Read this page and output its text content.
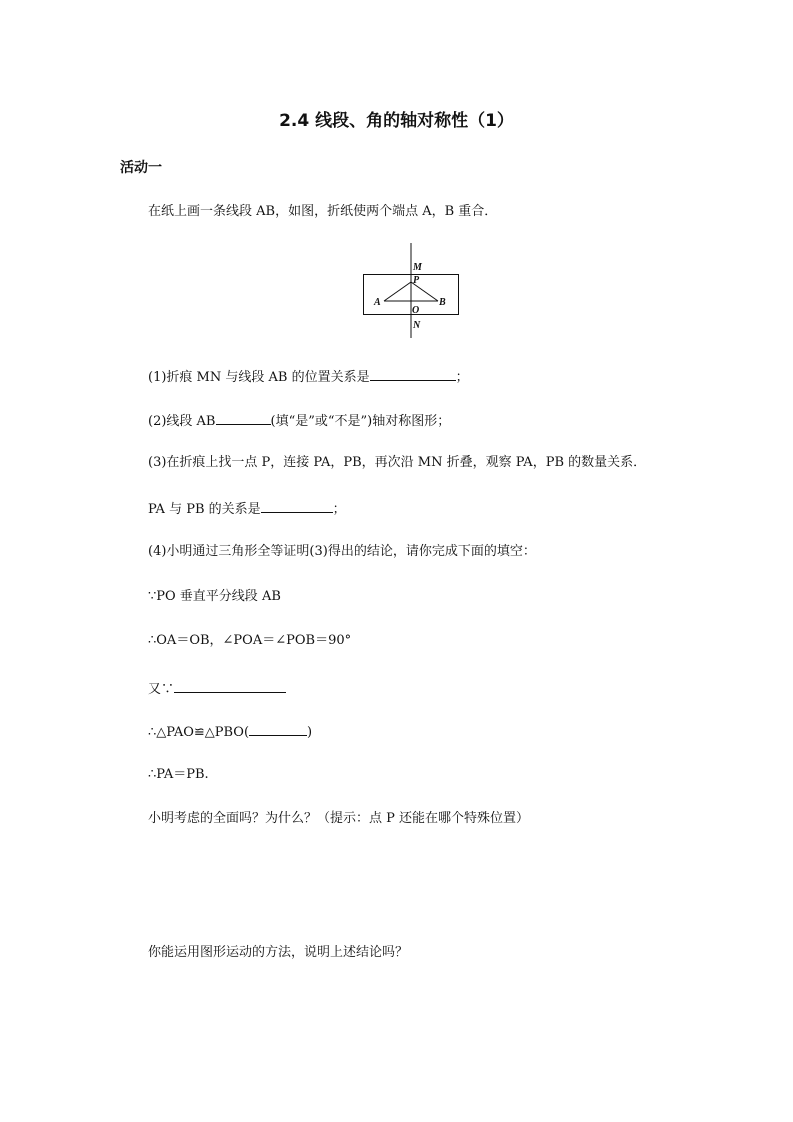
2.4 线段、角的轴对称性（1）
活动一
在纸上画一条线段 AB，如图，折纸使两个端点 A，B 重合．
M
P
A	B
O
N
(1)折痕 MN 与线段 AB 的位置关系是	；
(2)线段 AB	(填“是”或“不是”)轴对称图形；
(3)在折痕上找一点 P，连接 PA，PB，再次沿 MN 折叠，观察 PA，PB 的数量关系．
PA 与 PB 的关系是	；
(4)小明通过三角形全等证明(3)得出的结论，请你完成下面的填空：
∵PO 垂直平分线段 AB
∴OA＝OB，∠POA＝∠POB＝90°
又∵
∴△PAO≌△PBO(	)
∴PA＝PB.
小明考虑的全面吗？为什么？（提示：点 P 还能在哪个特殊位置）
你能运用图形运动的方法，说明上述结论吗？
